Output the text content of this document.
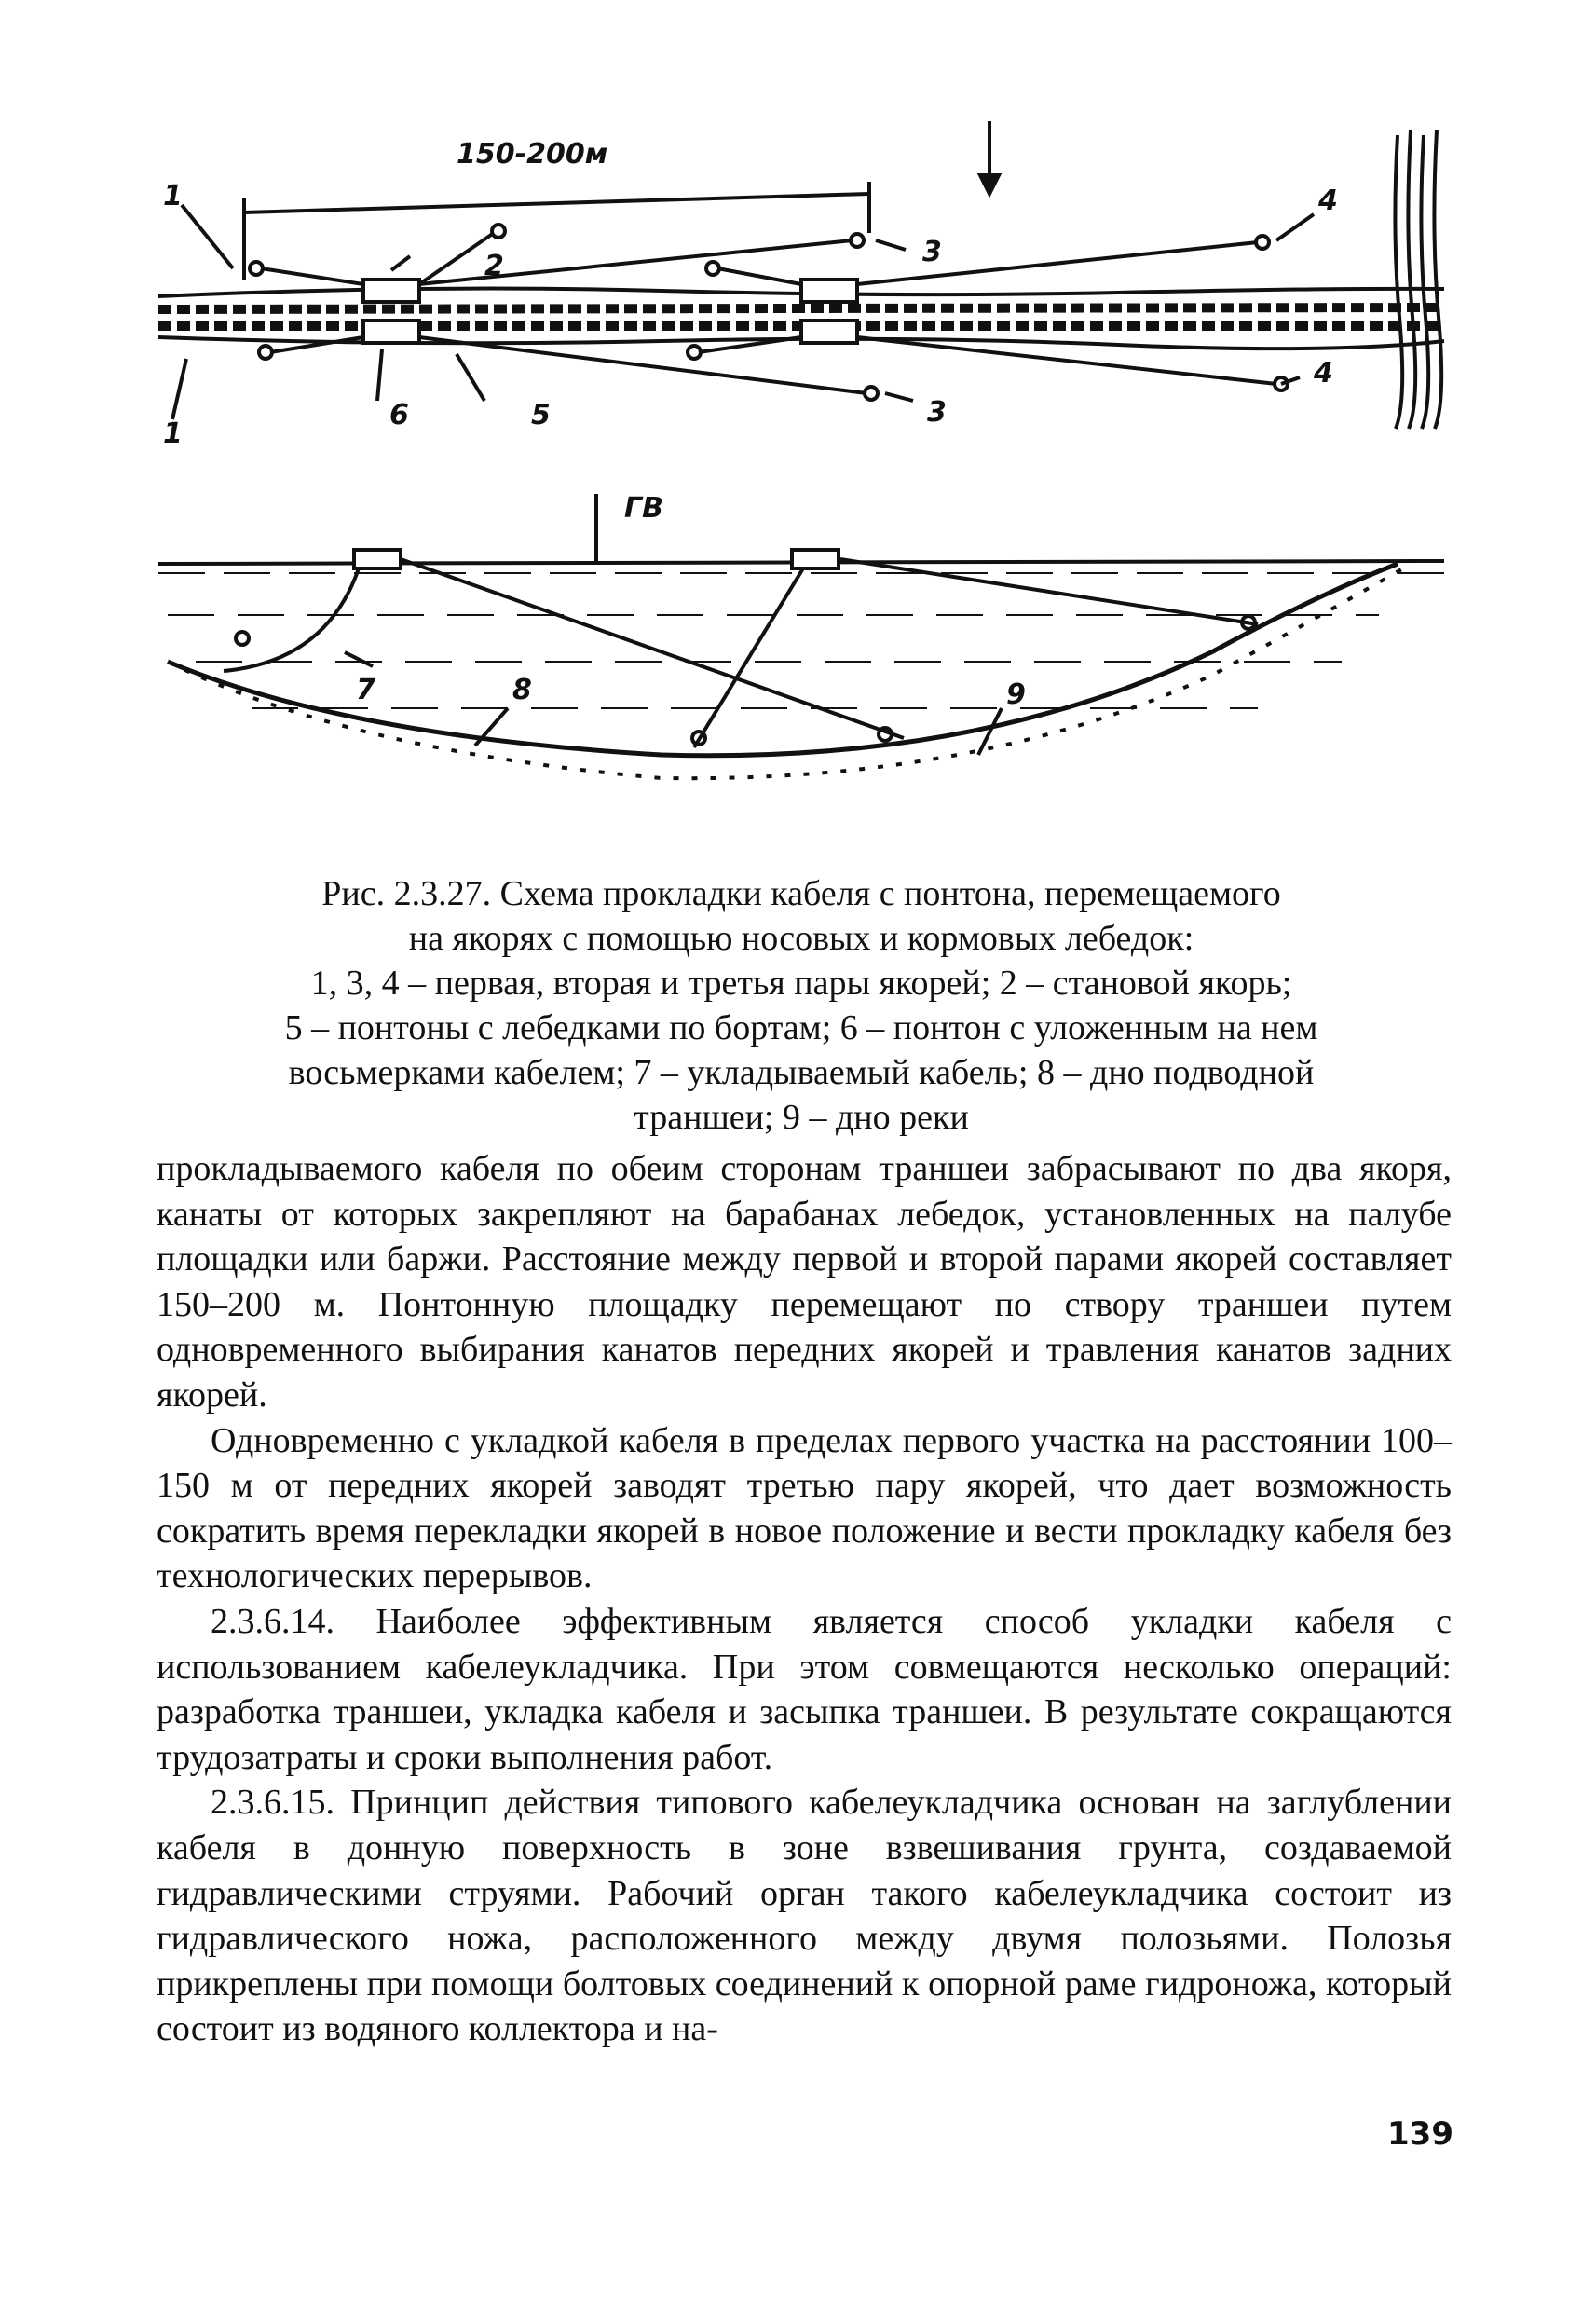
150-200м
1
2	3
4
4
3
5
6
1
ГВ
7	8	9
Рис. 2.3.27. Схема прокладки кабеля с понтона, перемещаемого
на якорях с помощью носовых и кормовых лебедок:
1, 3, 4 – первая, вторая и третья пары якорей; 2 – становой якорь;
5 – понтоны с лебедками по бортам; 6 – понтон с уложенным на нем
восьмерками кабелем; 7 – укладываемый кабель; 8 – дно подводной
траншеи; 9 – дно реки

прокладываемого кабеля по обеим сторонам траншеи забрасывают по два якоря, канаты от которых закрепляют на барабанах лебедок, установленных на палубе площадки или баржи. Расстояние между первой и второй парами якорей составляет 150–200 м. Понтонную площадку перемещают по створу траншеи путем одновременного выбирания канатов передних якорей и травления канатов задних якорей.

Одновременно с укладкой кабеля в пределах первого участка на расстоянии 100–150 м от передних якорей заводят третью пару якорей, что дает возможность сократить время перекладки якорей в новое положение и вести прокладку кабеля без технологических перерывов.

2.3.6.14. Наиболее эффективным является способ укладки кабеля с использованием кабелеукладчика. При этом совмещаются несколько операций: разработка траншеи, укладка кабеля и засыпка траншеи. В результате сокращаются трудозатраты и сроки выполнения работ.

2.3.6.15. Принцип действия типового кабелеукладчика основан на заглублении кабеля в донную поверхность в зоне взвешивания грунта, создаваемой гидравлическими струями. Рабочий орган такого кабелеукладчика состоит из гидравлического ножа, расположенного между двумя полозьями. Полозья прикреплены при помощи болтовых соединений к опорной раме гидроножа, который состоит из водяного коллектора и на-

139
